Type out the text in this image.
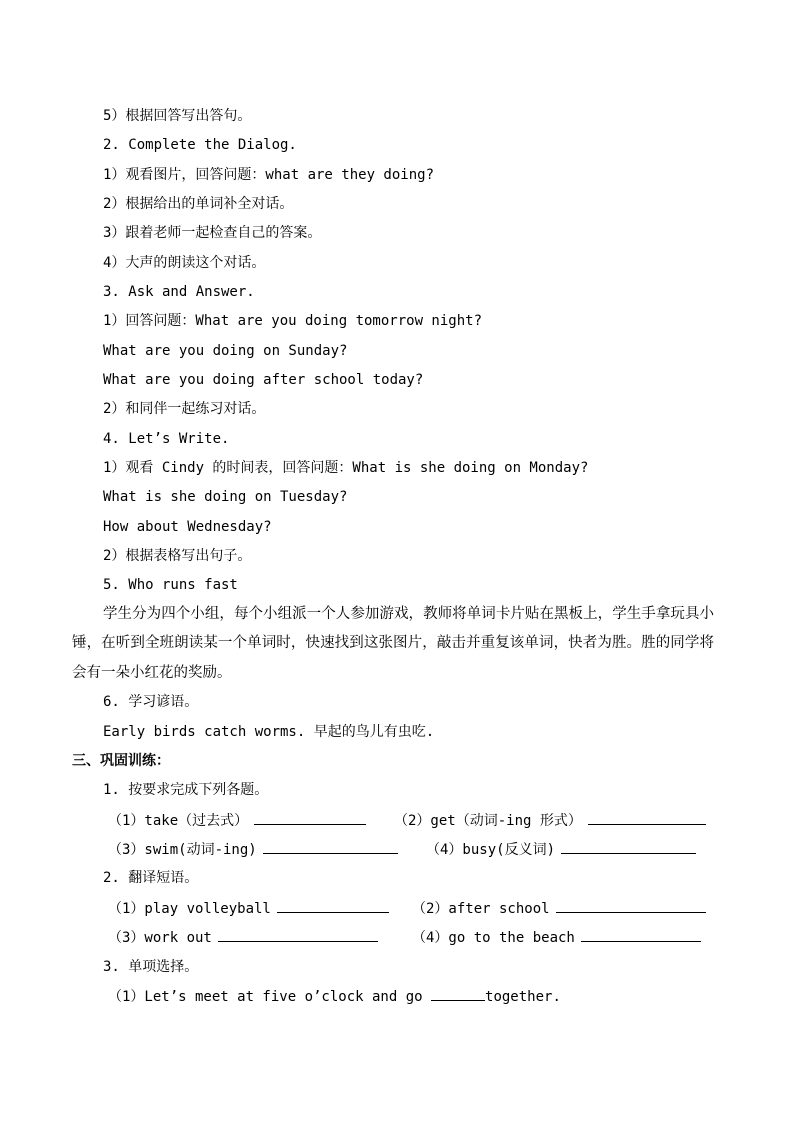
5）根据回答写出答句。
2. Complete the Dialog.
1）观看图片，回答问题：what are they doing?
2）根据给出的单词补全对话。
3）跟着老师一起检查自己的答案。
4）大声的朗读这个对话。
3. Ask and Answer.
1）回答问题：What are you doing tomorrow night?
What are you doing on Sunday?
What are you doing after school today?
2）和同伴一起练习对话。
4. Let’s Write.
1）观看 Cindy 的时间表，回答问题：What is she doing on Monday?
What is she doing on Tuesday?
How about Wednesday?
2）根据表格写出句子。
5. Who runs fast
学生分为四个小组，每个小组派一个人参加游戏，教师将单词卡片贴在黑板上，学生手拿玩具小锤，在听到全班朗读某一个单词时，快速找到这张图片，敲击并重复该单词，快者为胜。胜的同学将会有一朵小红花的奖励。
6. 学习谚语。
Early birds catch worms. 早起的鸟儿有虫吃.
三、巩固训练：
1. 按要求完成下列各题。
（1）take（过去式）	（2）get（动词-ing 形式）
（3）swim(动词-ing)	（4）busy(反义词)
2. 翻译短语。
（1）play volleyball	（2）after school
（3）work out	（4）go to the beach
3. 单项选择。
（1）Let’s meet at five o’clock and go	together.
